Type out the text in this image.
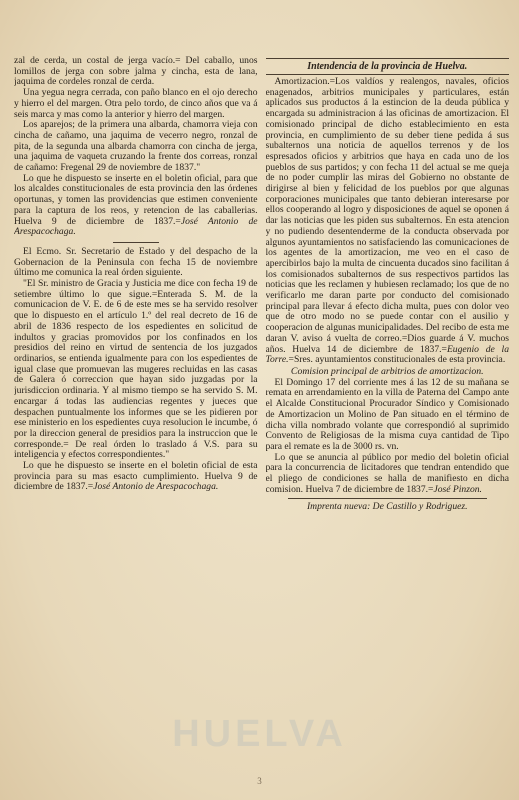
zal de cerda, un costal de jerga vacío.= Del caballo, unos lomillos de jerga con sobre jalma y cincha, esta de lana, jaquima de cordeles ronzal de cerda.

Una yegua negra cerrada, con paño blanco en el ojo derecho y hierro el del margen. Otra pelo tordo, de cinco años que va á seis marca y mas como la anterior y hierro del margen.

Los aparejos; de la primera una albarda, chamorra vieja con cincha de cañamo, una jaquima de vecerro negro, ronzal de pita, de la segunda una albarda chamorra con cincha de jerga, una jaquima de vaqueta cruzando la frente dos correas, ronzal de cañamo: Fregenal 29 de noviembre de 1837."

Lo que he dispuesto se inserte en el boletin oficial, para que los alcaldes constitucionales de esta provincia den las órdenes oportunas, y tomen las providencias que estimen conveniente para la captura de los reos, y retencion de las caballerias. Huelva 9 de diciembre de 1837.=José Antonio de Arespacochaga.

El Ecmo. Sr. Secretario de Estado y del despacho de la Gobernacion de la Peninsula con fecha 15 de noviembre último me comunica la real órden siguiente.

"El Sr. ministro de Gracia y Justicia me dice con fecha 19 de setiembre último lo que sigue.=Enterada S. M. de la comunicacion de V. E. de 6 de este mes se ha servido resolver que lo dispuesto en el artículo 1.º del real decreto de 16 de abril de 1836 respecto de los espedientes en solicitud de indultos y gracias promovidos por los confinados en los presidios del reino en virtud de sentencia de los juzgados ordinarios, se entienda igualmente para con los espedientes de igual clase que promuevan las mugeres recluidas en las casas de Galera ó correccion que hayan sido juzgadas por la jurisdiccion ordinaria. Y al mismo tiempo se ha servido S. M. encargar á todas las audiencias regentes y jueces que despachen puntualmente los informes que se les pidieren por ese ministerio en los espedientes cuya resolucion le incumbe, ó por la direccion general de presidios para la instruccion que le corresponde.= De real órden lo traslado á V.S. para su inteligencia y efectos correspondientes."

Lo que he dispuesto se inserte en el boletin oficial de esta provincia para su mas esacto cumplimiento. Huelva 9 de diciembre de 1837.=José Antonio de Arespacochaga.

Intendencia de la provincia de Huelva.

Amortizacion.=Los valdíos y realengos, navales, oficios enagenados, arbitrios municipales y particulares, están aplicados sus productos á la estincion de la deuda pública y encargada su administracion á las oficinas de amortizacion. El comisionado principal de dicho establecimiento en esta provincia, en cumplimiento de su deber tiene pedida á sus subalternos una noticia de aquellos terrenos y de los espresados oficios y arbitrios que haya en cada uno de los pueblos de sus partidos; y con fecha 11 del actual se me queja de no poder cumplir las miras del Gobierno no obstante de dirigirse al bien y felicidad de los pueblos por que algunas corporaciones municipales que tanto debieran interesarse por ellos cooperando al logro y disposiciones de aquel se oponen á dar las noticias que les piden sus subalternos. En esta atencion y no pudiendo desentenderme de la conducta observada por algunos ayuntamientos no satisfaciendo las comunicaciones de los agentes de la amortizacion, me veo en el caso de apercibirlos bajo la multa de cincuenta ducados sino facilitan á los comisionados subalternos de sus respectivos partidos las noticias que les reclamen y hubiesen reclamado; los que de no verificarlo me daran parte por conducto del comisionado principal para llevar á efecto dicha multa, pues con dolor veo que de otro modo no se puede contar con el ausilio y cooperacion de algunas municipalidades. Del recibo de esta me daran V. aviso á vuelta de correo.=Dios guarde á V. muchos años. Huelva 14 de diciembre de 1837.=Eugenio de la Torre.=Sres. ayuntamientos constitucionales de esta provincia.

Comision principal de arbitrios de amortizacion.

El Domingo 17 del corriente mes á las 12 de su mañana se remata en arrendamiento en la villa de Paterna del Campo ante el Alcalde Constitucional Procurador Síndico y Comisionado de Amortizacion un Molino de Pan situado en el término de dicha villa nombrado volante que correspondió al suprimido Convento de Religiosas de la misma cuya cantidad de Tipo para el remate es la de 3000 rs. vn.

Lo que se anuncia al público por medio del boletin oficial para la concurrencia de licitadores que tendran entendido que el pliego de condiciones se halla de manifiesto en dicha comision. Huelva 7 de diciembre de 1837.=José Pinzon.

Imprenta nueva: De Castillo y Rodriguez.
HUELVA
3
